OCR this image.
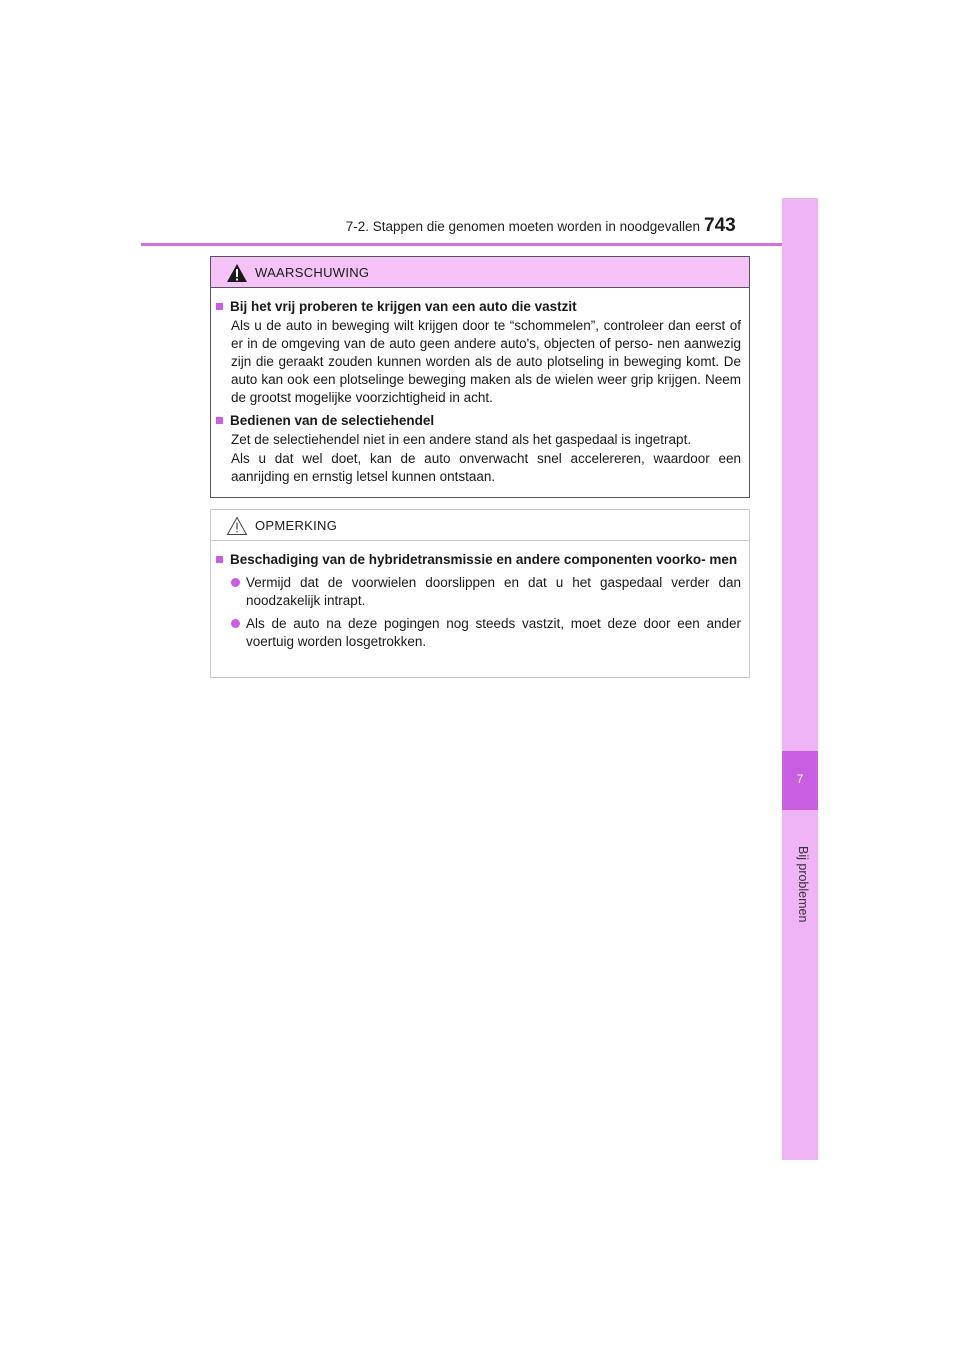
7-2. Stappen die genomen moeten worden in noodgevallen 743
7
Bij problemen
WAARSCHUWING
Bij het vrij proberen te krijgen van een auto die vastzit
Als u de auto in beweging wilt krijgen door te “schommelen”, controleer dan eerst of er in de omgeving van de auto geen andere auto's, objecten of perso- nen aanwezig zijn die geraakt zouden kunnen worden als de auto plotseling in beweging komt. De auto kan ook een plotselinge beweging maken als de wielen weer grip krijgen. Neem de grootst mogelijke voorzichtigheid in acht.
Bedienen van de selectiehendel
Zet de selectiehendel niet in een andere stand als het gaspedaal is ingetrapt.
Als u dat wel doet, kan de auto onverwacht snel accelereren, waardoor een aanrijding en ernstig letsel kunnen ontstaan.
OPMERKING
Beschadiging van de hybridetransmissie en andere componenten voorko- men
Vermijd dat de voorwielen doorslippen en dat u het gaspedaal verder dan noodzakelijk intrapt.
Als de auto na deze pogingen nog steeds vastzit, moet deze door een ander voertuig worden losgetrokken.
